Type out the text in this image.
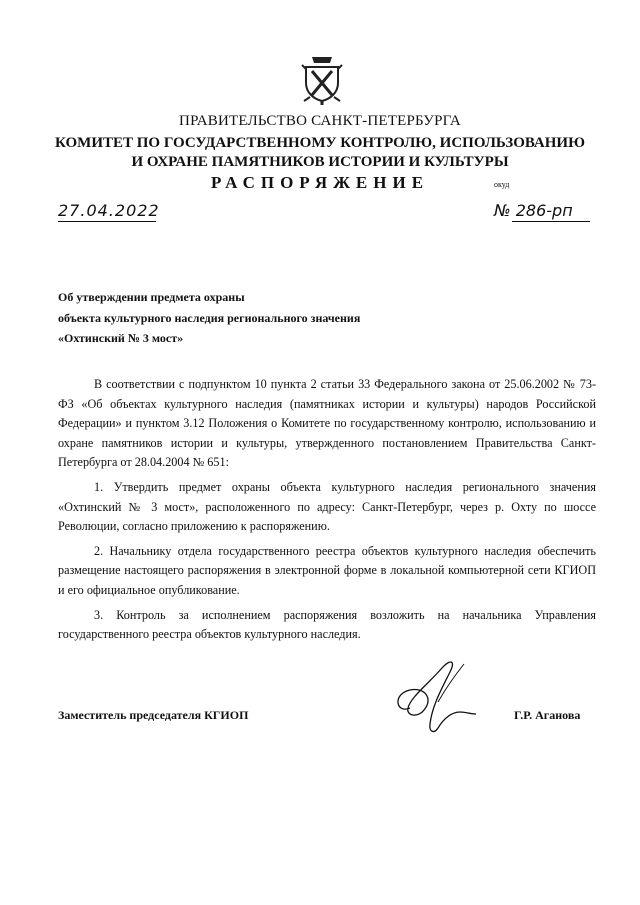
ПРАВИТЕЛЬСТВО САНКТ-ПЕТЕРБУРГА
КОМИТЕТ ПО ГОСУДАРСТВЕННОМУ КОНТРОЛЮ, ИСПОЛЬЗОВАНИЮ
И ОХРАНЕ ПАМЯТНИКОВ ИСТОРИИ И КУЛЬТУРЫ
РАСПОРЯЖЕНИЕ	окуд
27.04.2022	№ 286-рп
Об утверждении предмета охраны
объекта культурного наследия регионального значения
«Охтинский № 3 мост»

В соответствии с подпунктом 10 пункта 2 статьи 33 Федерального закона от 25.06.2002 № 73-ФЗ «Об объектах культурного наследия (памятниках истории и культуры) народов Российской Федерации» и пунктом 3.12 Положения о Комитете по государственному контролю, использованию и охране памятников истории и культуры, утвержденного постановлением Правительства Санкт-Петербурга от 28.04.2004 № 651:

1. Утвердить предмет охраны объекта культурного наследия регионального значения «Охтинский № 3 мост», расположенного по адресу: Санкт-Петербург, через р. Охту по шоссе Революции, согласно приложению к распоряжению.

2. Начальнику отдела государственного реестра объектов культурного наследия обеспечить размещение настоящего распоряжения в электронной форме в локальной компьютерной сети КГИОП и его официальное опубликование.

3. Контроль за исполнением распоряжения возложить на начальника Управления государственного реестра объектов культурного наследия.

Заместитель председателя КГИОП	Г.Р. Аганова
